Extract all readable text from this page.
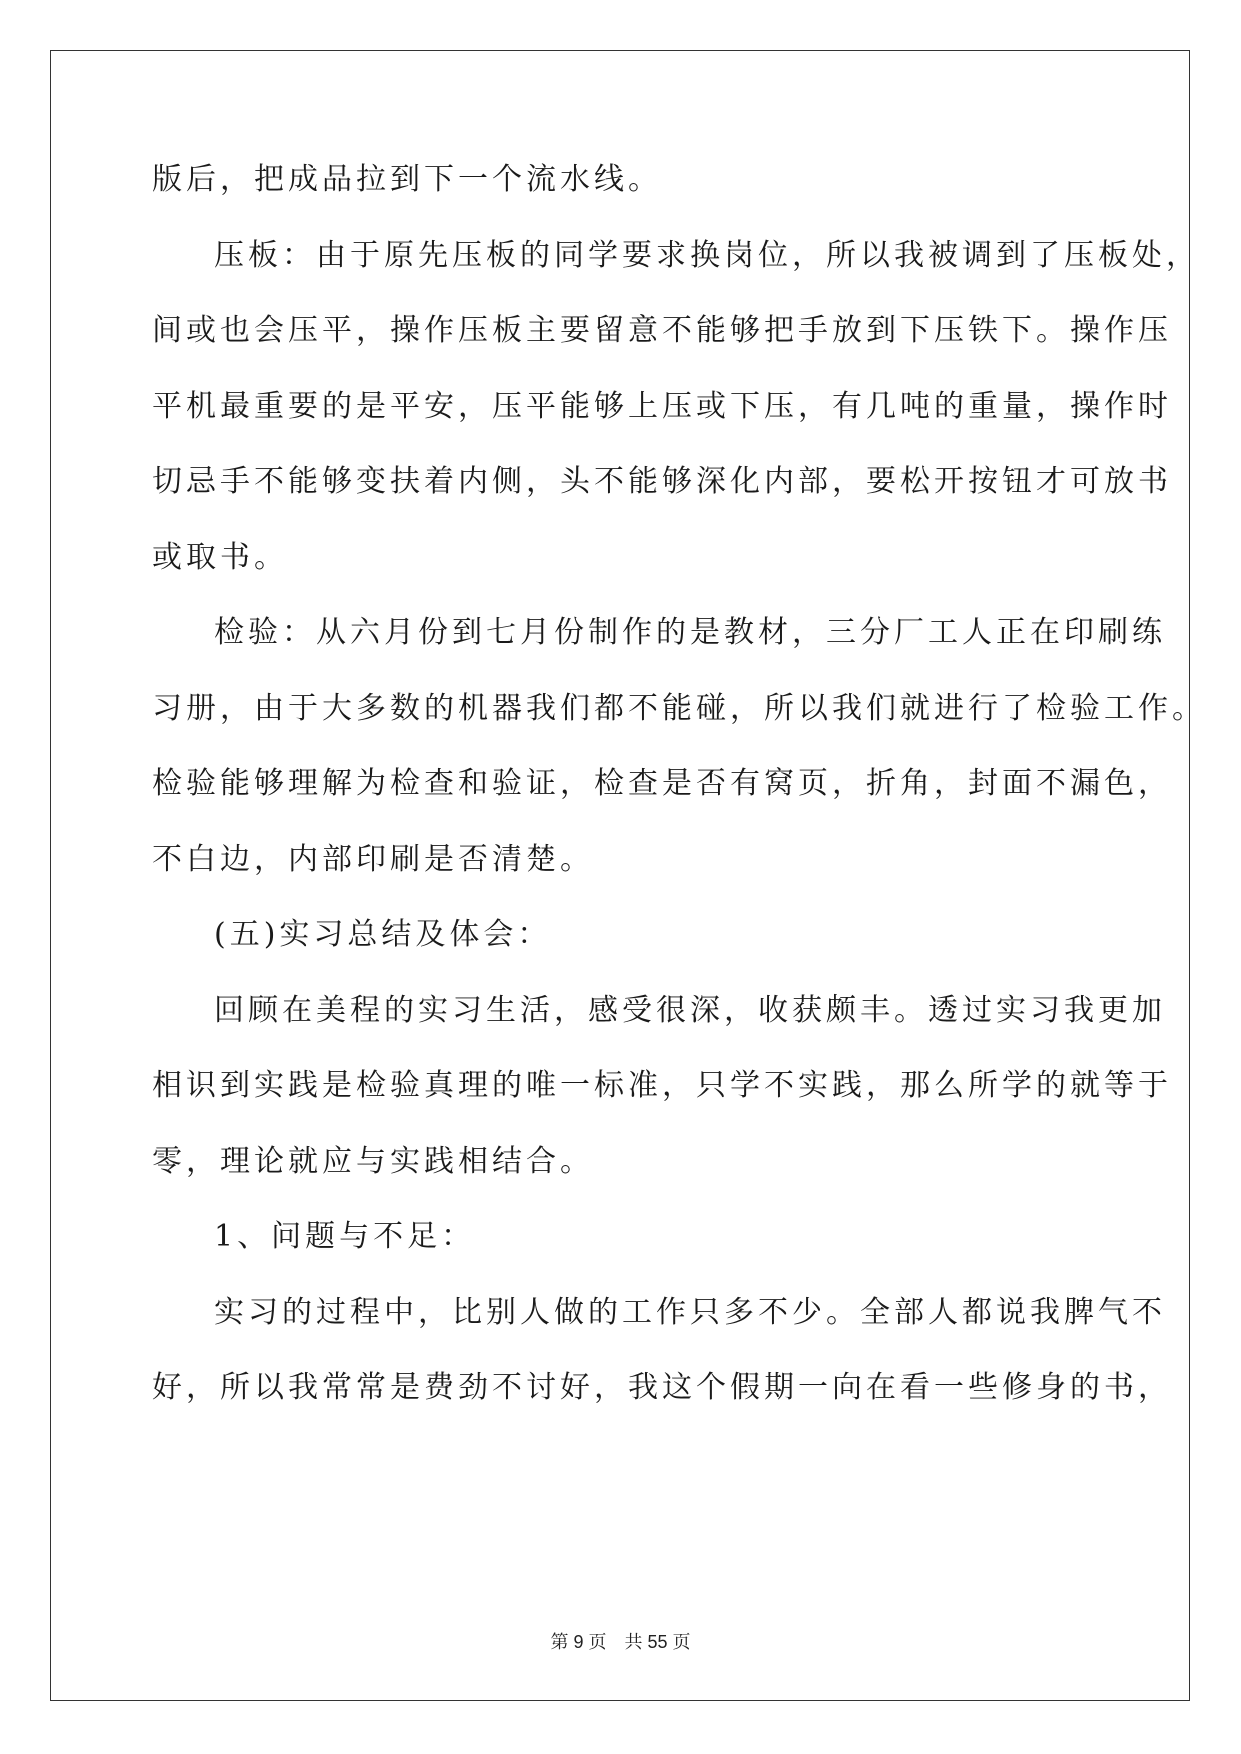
版后，把成品拉到下一个流水线。
压板：由于原先压板的同学要求换岗位，所以我被调到了压板处，
间或也会压平，操作压板主要留意不能够把手放到下压铁下。操作压
平机最重要的是平安，压平能够上压或下压，有几吨的重量，操作时
切忌手不能够变扶着内侧，头不能够深化内部，要松开按钮才可放书
或取书。
检验：从六月份到七月份制作的是教材，三分厂工人正在印刷练
习册，由于大多数的机器我们都不能碰，所以我们就进行了检验工作。
检验能够理解为检查和验证，检查是否有窝页，折角，封面不漏色，
不白边，内部印刷是否清楚。
(五)实习总结及体会：
回顾在美程的实习生活，感受很深，收获颇丰。透过实习我更加
相识到实践是检验真理的唯一标准，只学不实践，那么所学的就等于
零，理论就应与实践相结合。
1、问题与不足：
实习的过程中，比别人做的工作只多不少。全部人都说我脾气不
好，所以我常常是费劲不讨好，我这个假期一向在看一些修身的书，
第 9 页 共 55 页
